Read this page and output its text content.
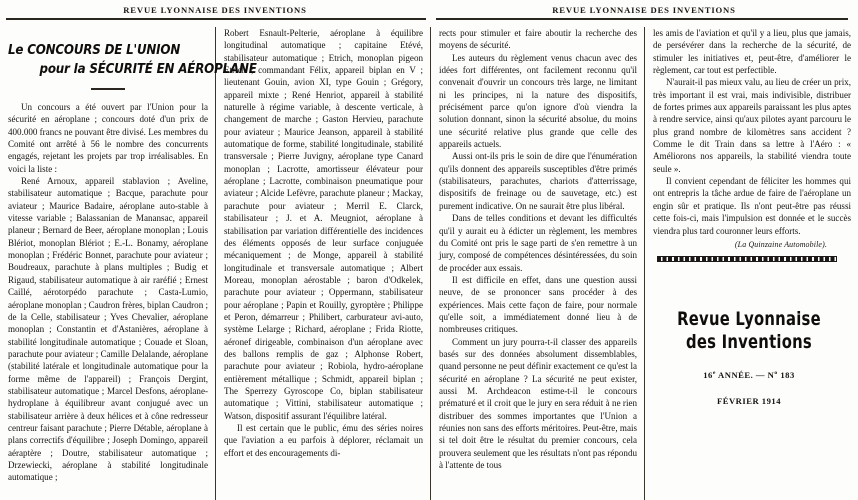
REVUE LYONNAISE DES INVENTIONS
Le CONCOURS DE L'UNION
pour la SÉCURITÉ EN AÉROPLANE

Un concours a été ouvert par l'Union pour la sécurité en aéroplane ; concours doté d'un prix de 400.000 francs ne pouvant être divisé. Les membres du Comité ont arrêté à 56 le nombre des concurrents engagés, rejetant les projets par trop irréalisables. En voici la liste :

René Arnoux, appareil stablavion ; Aveline, stabilisateur automatique ; Bacque, parachute pour aviateur ; Maurice Badaire, aéroplane auto-stable à vitesse variable ; Balassanian de Manansac, appareil planeur ; Bernard de Beer, aéroplane monoplan ; Louis Blériot, monoplan Blériot ; E.-L. Bonamy, aéroplane monoplan ; Frédéric Bonnet, parachute pour aviateur ; Boudreaux, parachute à plans multiples ; Budig et Rigaud, stabilisateur automatique à air raréfié ; Ernest Caillé, aérotorpédo parachute ; Casta-Lumio, aéroplane monoplan ; Caudron frères, biplan Caudron ; de la Celle, stabilisateur ; Yves Chevalier, aéroplane monoplan ; Constantin et d'Astanières, aéroplane à stabilité longitudinale automatique ; Couade et Sloan, parachute pour aviateur ; Camille Delalande, aéroplane (stabilité latérale et longitudinale automatique pour la forme même de l'appareil) ; François Dergint, stabilisateur automatique ; Marcel Desfons, aéroplane-hydroplane à équilibreur avant conjugué avec un stabilisateur arrière à deux hélices et à cône redresseur centreur faisant parachute ; Pierre Détable, aéroplane à plans correctifs d'équilibre ; Joseph Domingo, appareil aéraptère ; Doutre, stabilisateur automatique ; Drzewiecki, aéroplane à stabilité longitudinale automatique ;

Robert Esnault-Pelterie, aéroplane à équilibre longitudinal automatique ; capitaine Etévé, stabilisateur automatique ; Etrich, monoplan pigeon Etrich ; commandant Félix, appareil biplan en V ; lieutenant Gouin, avion XI, type Gouin ; Grégory, appareil mixte ; René Henriot, appareil à stabilité naturelle à régime variable, à descente verticale, à changement de marche ; Gaston Hervieu, parachute pour aviateur ; Maurice Jeanson, appareil à stabilité automatique de forme, stabilité longitudinale, stabilité transversale ; Pierre Juvigny, aéroplane type Canard monoplan ; Lacrotte, amortisseur élévateur pour aéroplane ; Lacrotte, combinaison pneumatique pour aviateur ; Alcide Lefèvre, parachute planeur ; Mackay, parachute pour aviateur ; Merril E. Clarck, stabilisateur ; J. et A. Meugniot, aéroplane à stabilisation par variation différentielle des incidences des éléments opposés de leur surface conjuguée mécaniquement ; de Monge, appareil à stabilité longitudinale et transversale automatique ; Albert Moreau, monoplan aérostable ; baron d'Odkelek, parachute pour aviateur ; Oppermann, stabilisateur pour aéroplane ; Papin et Rouilly, gyroptère ; Philippe et Peron, démarreur ; Philibert, carburateur avi-auto, système Lelarge ; Richard, aéroplane ; Frida Riotte, aéronef dirigeable, combinaison d'un aéroplane avec des ballons remplis de gaz ; Alphonse Robert, parachute pour aviateur ; Robiola, hydro-aéroplane entièrement métallique ; Schmidt, appareil biplan ; The Sperrezy Gyroscope Co, biplan stabilisateur automatique ; Vittini, stabilisateur automatique ; Watson, dispositif assurant l'équilibre latéral.

Il est certain que le public, ému des séries noires que l'aviation a eu parfois à déplorer, réclamait un effort et des encouragements di-

REVUE LYONNAISE DES INVENTIONS

rects pour stimuler et faire aboutir la recherche des moyens de sécurité.

Les auteurs du règlement venus chacun avec des idées fort différentes, ont facilement reconnu qu'il convenait d'ouvrir un concours très large, ne limitant ni les principes, ni la nature des dispositifs, précisément parce qu'on ignore d'où viendra la solution donnant, sinon la sécurité absolue, du moins une sécurité relative plus grande que celle des appareils actuels.

Aussi ont-ils pris le soin de dire que l'énumération qu'ils donnent des appareils susceptibles d'être primés (stabilisateurs, parachutes, chariots d'atterrissage, dispositifs de freinage ou de sauvetage, etc.) est purement indicative. On ne saurait être plus libéral.

Dans de telles conditions et devant les difficultés qu'il y aurait eu à édicter un règlement, les membres du Comité ont pris le sage parti de s'en remettre à un jury, composé de compétences désintéressées, du soin de procéder aux essais.

Il est difficile en effet, dans une question aussi neuve, de se prononcer sans procéder à des expériences. Mais cette façon de faire, pour normale qu'elle soit, a immédiatement donné lieu à de nombreuses critiques.

Comment un jury pourra-t-il classer des appareils basés sur des données absolument dissemblables, quand personne ne peut définir exactement ce qu'est la sécurité en aéroplane ? La sécurité ne peut exister, aussi M. Archdeacon estime-t-il le concours prématuré et il croit que le jury en sera réduit à ne rien distribuer des sommes importantes que l'Union a réunies non sans des efforts méritoires. Peut-être, mais si tel doit être le résultat du premier concours, cela prouvera seulement que les résultats n'ont pas répondu à l'attente de tous

les amis de l'aviation et qu'il y a lieu, plus que jamais, de persévérer dans la recherche de la sécurité, de stimuler les initiatives et, peut-être, d'améliorer le règlement, car tout est perfectible.

N'aurait-il pas mieux valu, au lieu de créer un prix, très important il est vrai, mais indivisible, distribuer de fortes primes aux appareils paraissant les plus aptes à rendre service, ainsi qu'aux pilotes ayant parcouru le plus grand nombre de kilomètres sans accident ? Comme le dit Train dans sa lettre à l'Aéro : « Améliorons nos appareils, la stabilité viendra toute seule ».

Il convient cependant de féliciter les hommes qui ont entrepris la tâche ardue de faire de l'aéroplane un engin sûr et pratique. Ils n'ont peut-être pas réussi cette fois-ci, mais l'impulsion est donnée et le succès viendra plus tard couronner leurs efforts.

(La Quinzaine Automobile).
Revue Lyonnaise
des Inventions
16e ANNÉE. — $N^o$ 183
FÉVRIER 1914
